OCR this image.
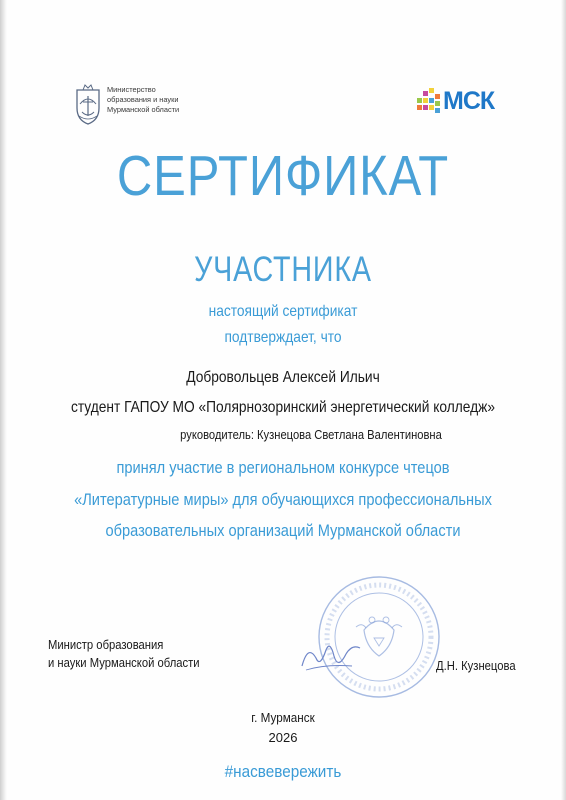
Министерство
образования и науки
Мурманской области	МСК
СЕРТИФИКАТ
УЧАСТНИКА
настоящий сертификат
подтверждает, что
Добровольцев Алексей Ильич
студент ГАПОУ МО «Полярнозоринский энергетический колледж»
руководитель: Кузнецова Светлана Валентиновна
принял участие в региональном конкурсе чтецов
«Литературные миры» для обучающихся профессиональных
образовательных организаций Мурманской области
Министр образования
и науки Мурманской области	Д.Н. Кузнецова
г. Мурманск
2026
#насвевережить
